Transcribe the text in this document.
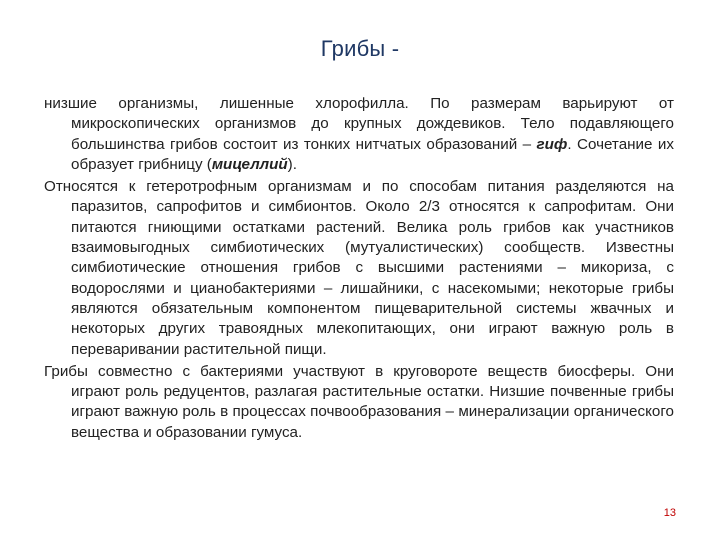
Грибы -

низшие организмы, лишенные хлорофилла. По размерам варьируют от микроскопических организмов до крупных дождевиков. Тело подавляющего большинства грибов состоит из тонких нитчатых образований – гиф. Сочетание их образует грибницу (мицеллий).

Относятся к гетеротрофным организмам и по способам питания разделяются на паразитов, сапрофитов и симбионтов. Около 2/3 относятся к сапрофитам. Они питаются гниющими остатками растений. Велика роль грибов как участников взаимовыгодных симбиотических (мутуалистических) сообществ. Известны симбиотические отношения грибов с высшими растениями – микориза, с водорослями и цианобактериями – лишайники, с насекомыми; некоторые грибы являются обязательным компонентом пищеварительной системы жвачных и некоторых других травоядных млекопитающих, они играют важную роль в переваривании растительной пищи.

Грибы совместно с бактериями участвуют в круговороте веществ биосферы. Они играют роль редуцентов, разлагая растительные остатки. Низшие почвенные грибы играют важную роль в процессах почвообразования – минерализации органического вещества и образовании гумуса.

13
